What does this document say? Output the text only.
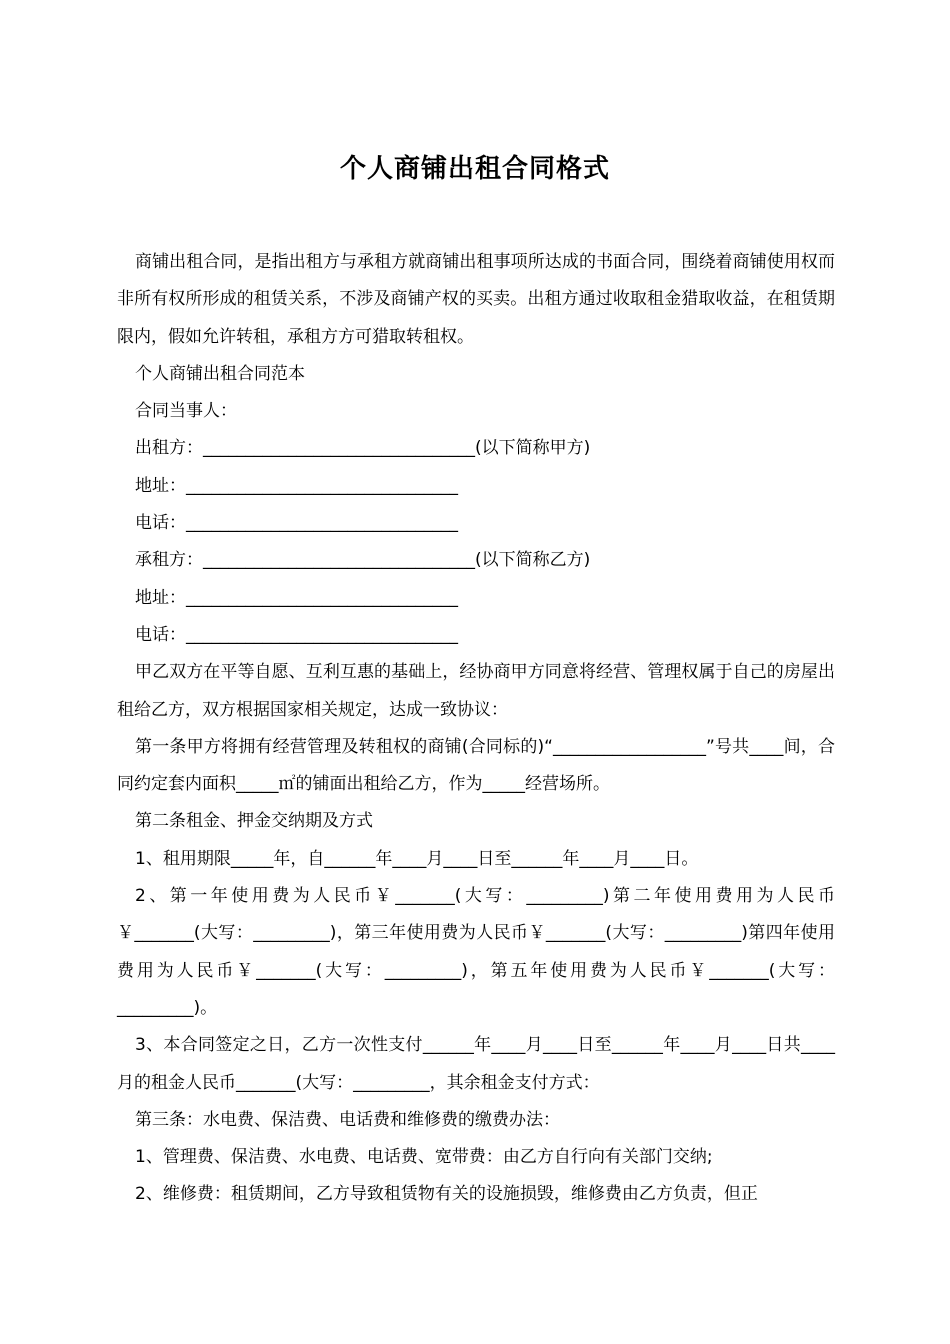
个人商铺出租合同格式

商铺出租合同，是指出租方与承租方就商铺出租事项所达成的书面合同，围绕着商铺使用权而非所有权所形成的租赁关系，不涉及商铺产权的买卖。出租方通过收取租金猎取收益，在租赁期限内，假如允许转租，承租方方可猎取转租权。

个人商铺出租合同范本

合同当事人：

出租方：________________________________(以下简称甲方)

地址：________________________________

电话：________________________________

承租方：________________________________(以下简称乙方)

地址：________________________________

电话：________________________________

甲乙双方在平等自愿、互利互惠的基础上，经协商甲方同意将经营、管理权属于自己的房屋出租给乙方，双方根据国家相关规定，达成一致协议：

第一条甲方将拥有经营管理及转租权的商铺(合同标的)“__________________”号共____间，合同约定套内面积_____㎡的铺面出租给乙方，作为_____经营场所。

第二条租金、押金交纳期及方式

1、租用期限_____年，自______年____月____日至______年____月____日。

2、第一年使用费为人民币￥_______(大写：_________)第二年使用费用为人民币￥_______(大写：_________)，第三年使用费为人民币￥_______(大写：_________)第四年使用费用为人民币￥_______(大写：_________)，第五年使用费为人民币￥_______(大写：_________)。

3、本合同签定之日，乙方一次性支付______年____月____日至______年____月____日共____月的租金人民币_______(大写：_________，其余租金支付方式：

第三条：水电费、保洁费、电话费和维修费的缴费办法：

1、管理费、保洁费、水电费、电话费、宽带费：由乙方自行向有关部门交纳;

2、维修费：租赁期间，乙方导致租赁物有关的设施损毁，维修费由乙方负责，但正
